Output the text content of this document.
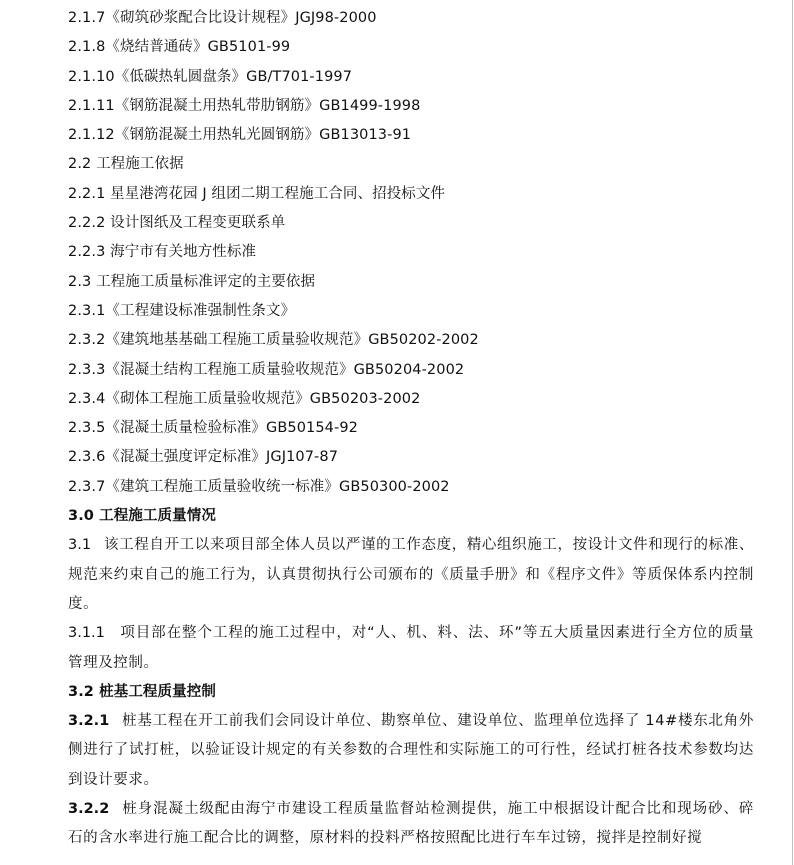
2.1.7《砌筑砂浆配合比设计规程》JGJ98-2000
2.1.8《烧结普通砖》GB5101-99
2.1.10《低碳热轧圆盘条》GB/T701-1997
2.1.11《钢筋混凝土用热轧带肋钢筋》GB1499-1998
2.1.12《钢筋混凝土用热轧光圆钢筋》GB13013-91
2.2 工程施工依据
2.2.1 星星港湾花园 J 组团二期工程施工合同、招投标文件
2.2.2 设计图纸及工程变更联系单
2.2.3 海宁市有关地方性标准
2.3 工程施工质量标准评定的主要依据
2.3.1《工程建设标准强制性条文》
2.3.2《建筑地基基础工程施工质量验收规范》GB50202-2002
2.3.3《混凝土结构工程施工质量验收规范》GB50204-2002
2.3.4《砌体工程施工质量验收规范》GB50203-2002
2.3.5《混凝土质量检验标准》GB50154-92
2.3.6《混凝土强度评定标准》JGJ107-87
2.3.7《建筑工程施工质量验收统一标准》GB50300-2002
3.0 工程施工质量情况
3.1 该工程自开工以来项目部全体人员以严谨的工作态度，精心组织施工，按设计文件和现行的标准、规范来约束自己的施工行为，认真贯彻执行公司颁布的《质量手册》和《程序文件》等质保体系内控制度。
3.1.1 项目部在整个工程的施工过程中，对“人、机、料、法、环”等五大质量因素进行全方位的质量管理及控制。
3.2 桩基工程质量控制
3.2.1 桩基工程在开工前我们会同设计单位、勘察单位、建设单位、监理单位选择了 14#楼东北角外侧进行了试打桩，以验证设计规定的有关参数的合理性和实际施工的可行性，经试打桩各技术参数均达到设计要求。
3.2.2 桩身混凝土级配由海宁市建设工程质量监督站检测提供，施工中根据设计配合比和现场砂、碎石的含水率进行施工配合比的调整，原材料的投料严格按照配比进行车车过镑，搅拌是控制好搅
